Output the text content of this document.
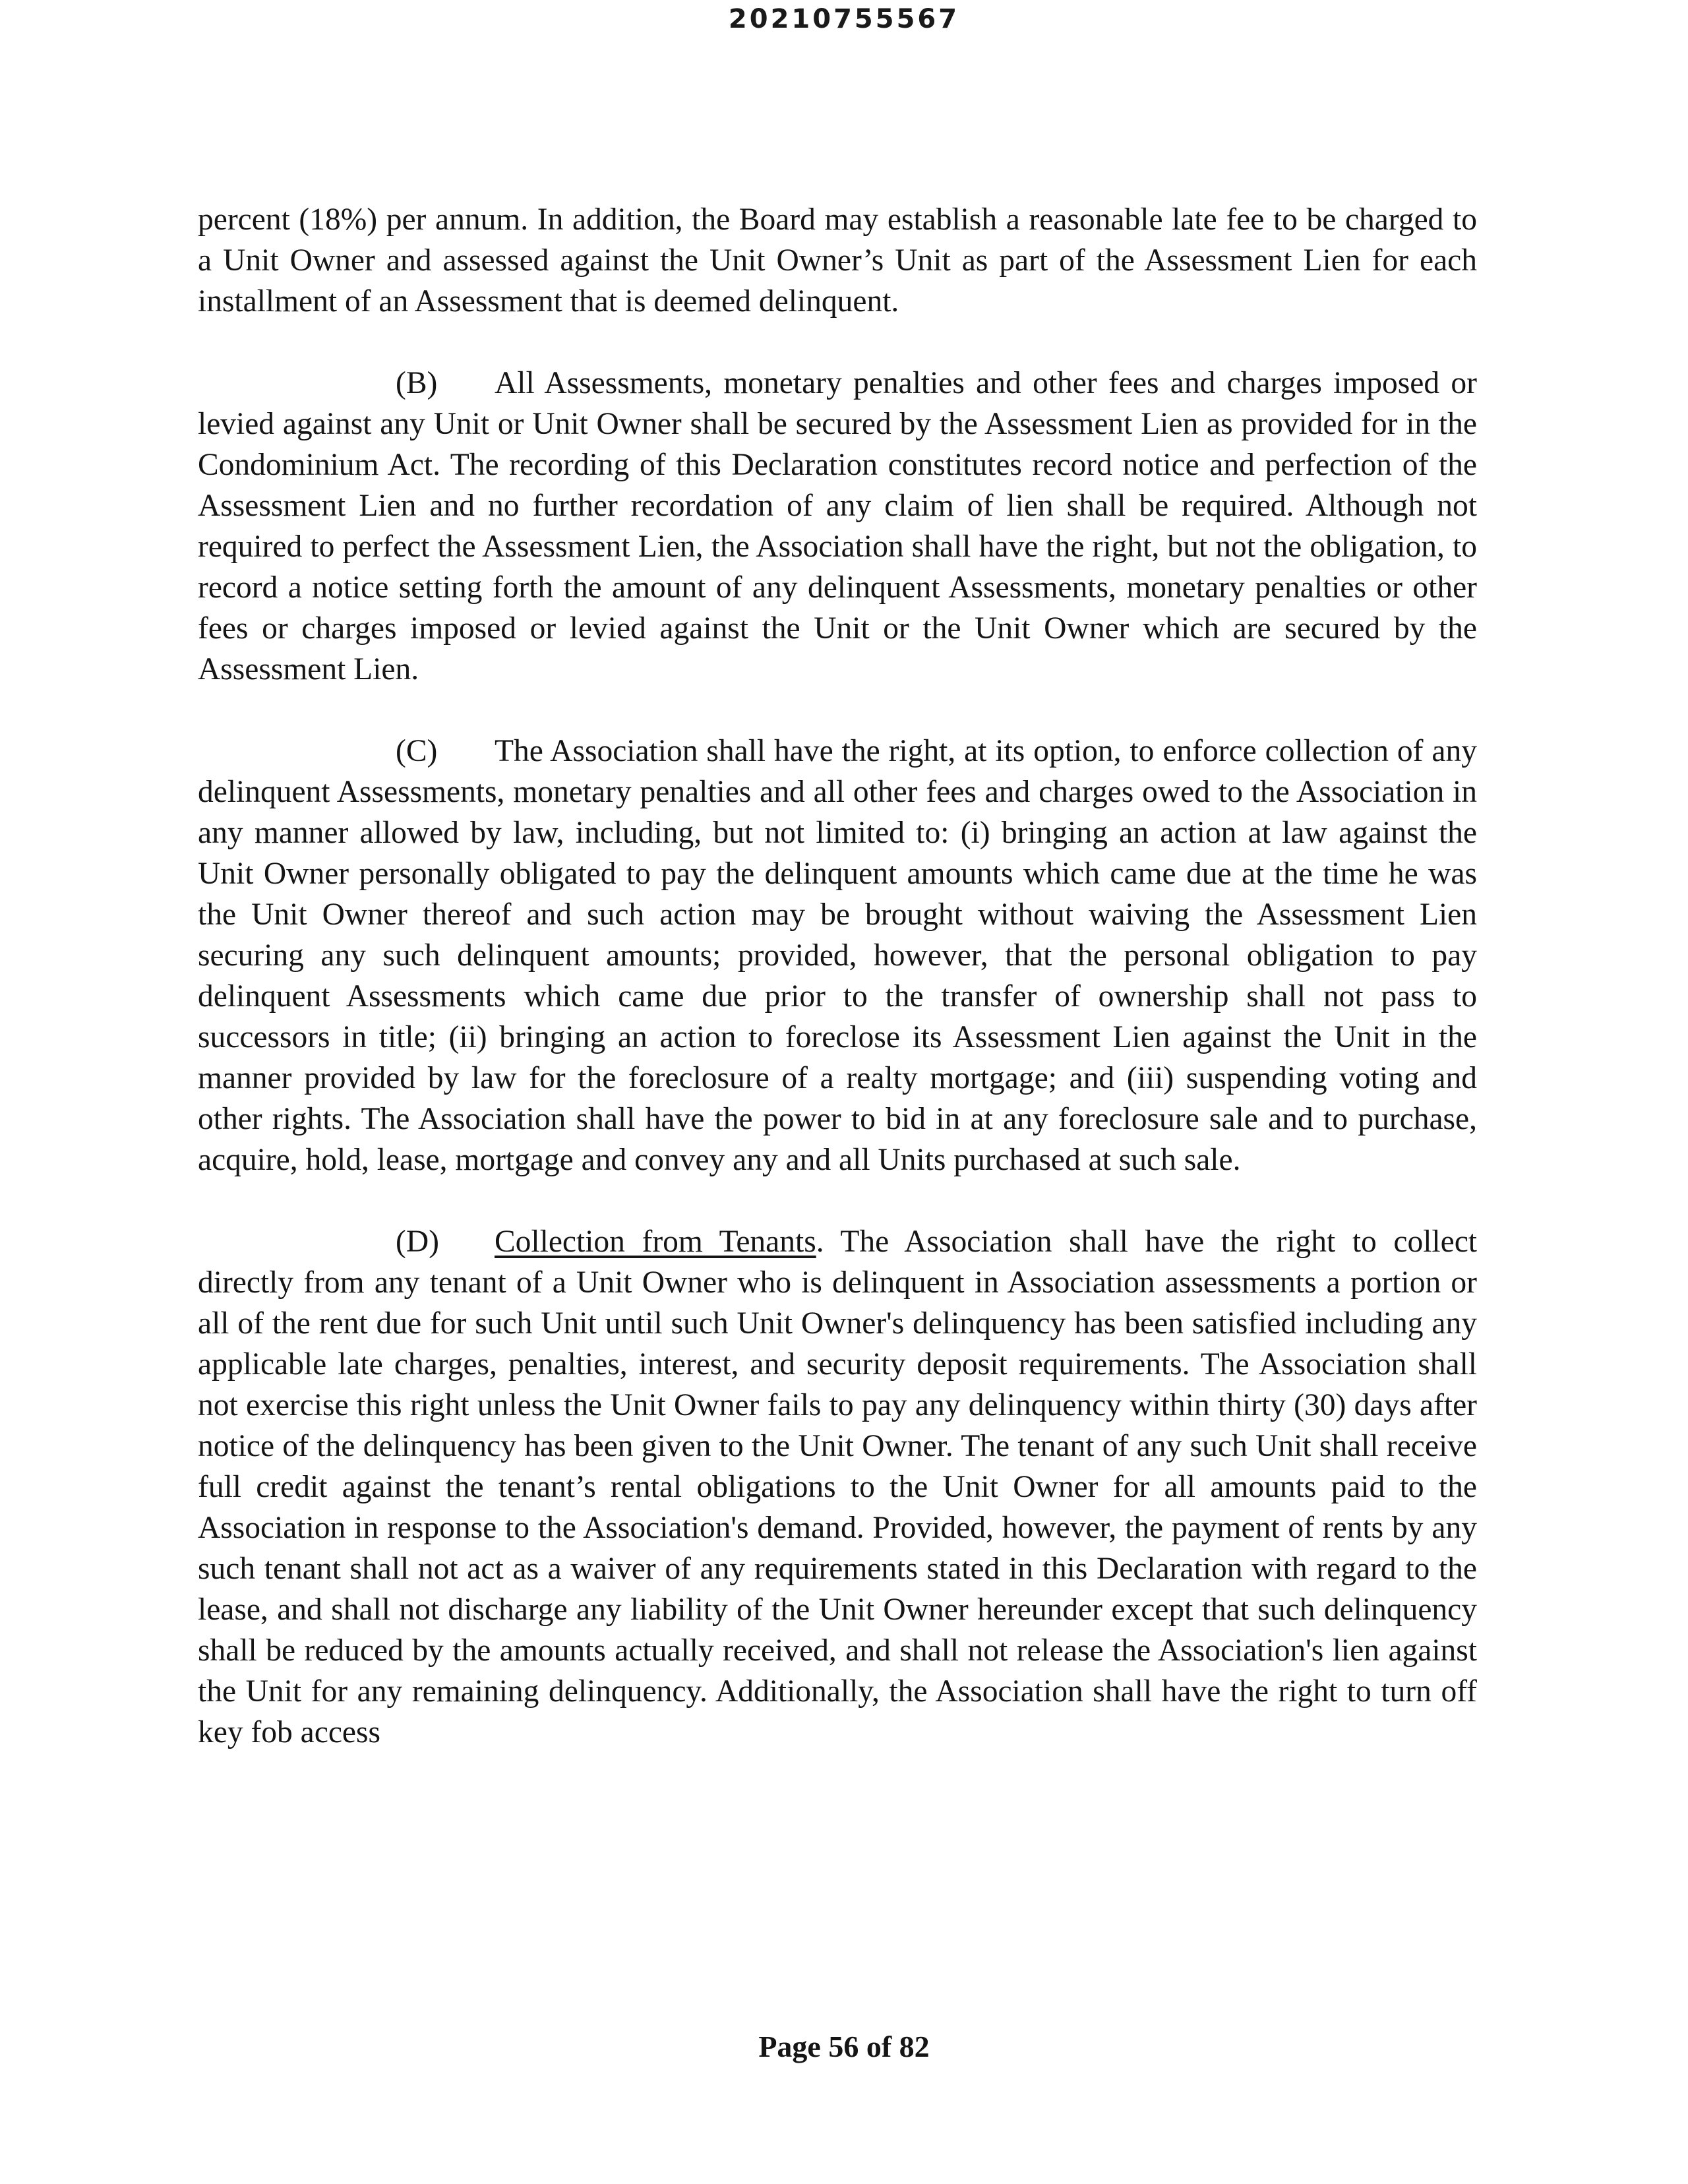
20210755567

percent (18%) per annum. In addition, the Board may establish a reasonable late fee to be charged to a Unit Owner and assessed against the Unit Owner’s Unit as part of the Assessment Lien for each installment of an Assessment that is deemed delinquent.

(B) All Assessments, monetary penalties and other fees and charges imposed or levied against any Unit or Unit Owner shall be secured by the Assessment Lien as provided for in the Condominium Act. The recording of this Declaration constitutes record notice and perfection of the Assessment Lien and no further recordation of any claim of lien shall be required. Although not required to perfect the Assessment Lien, the Association shall have the right, but not the obligation, to record a notice setting forth the amount of any delinquent Assessments, monetary penalties or other fees or charges imposed or levied against the Unit or the Unit Owner which are secured by the Assessment Lien.

(C) The Association shall have the right, at its option, to enforce collection of any delinquent Assessments, monetary penalties and all other fees and charges owed to the Association in any manner allowed by law, including, but not limited to: (i) bringing an action at law against the Unit Owner personally obligated to pay the delinquent amounts which came due at the time he was the Unit Owner thereof and such action may be brought without waiving the Assessment Lien securing any such delinquent amounts; provided, however, that the personal obligation to pay delinquent Assessments which came due prior to the transfer of ownership shall not pass to successors in title; (ii) bringing an action to foreclose its Assessment Lien against the Unit in the manner provided by law for the foreclosure of a realty mortgage; and (iii) suspending voting and other rights. The Association shall have the power to bid in at any foreclosure sale and to purchase, acquire, hold, lease, mortgage and convey any and all Units purchased at such sale.

(D) Collection from Tenants. The Association shall have the right to collect directly from any tenant of a Unit Owner who is delinquent in Association assessments a portion or all of the rent due for such Unit until such Unit Owner's delinquency has been satisfied including any applicable late charges, penalties, interest, and security deposit requirements. The Association shall not exercise this right unless the Unit Owner fails to pay any delinquency within thirty (30) days after notice of the delinquency has been given to the Unit Owner. The tenant of any such Unit shall receive full credit against the tenant’s rental obligations to the Unit Owner for all amounts paid to the Association in response to the Association's demand. Provided, however, the payment of rents by any such tenant shall not act as a waiver of any requirements stated in this Declaration with regard to the lease, and shall not discharge any liability of the Unit Owner hereunder except that such delinquency shall be reduced by the amounts actually received, and shall not release the Association's lien against the Unit for any remaining delinquency. Additionally, the Association shall have the right to turn off key fob access

Page 56 of 82
